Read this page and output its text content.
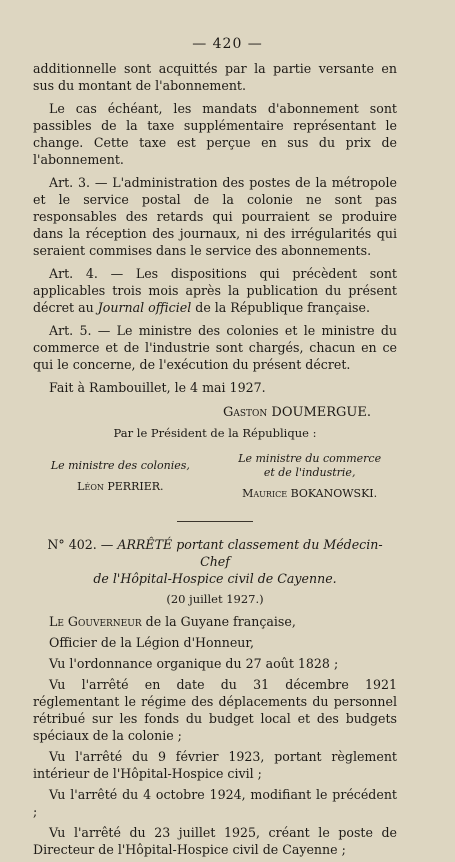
— 420 —

additionnelle sont acquittés par la partie versante en sus du montant de l'abonnement.

Le cas échéant, les mandats d'abonnement sont passibles de la taxe supplémentaire représentant le change. Cette taxe est perçue en sus du prix de l'abonnement.

Art. 3. — L'administration des postes de la métropole et le service postal de la colonie ne sont pas responsables des retards qui pourraient se produire dans la réception des journaux, ni des irrégularités qui seraient commises dans le service des abonnements.

Art. 4. — Les dispositions qui précèdent sont applicables trois mois après la publication du présent décret au Journal officiel de la République française.

Art. 5. — Le ministre des colonies et le ministre du commerce et de l'industrie sont chargés, chacun en ce qui le concerne, de l'exécution du présent décret.

Fait à Rambouillet, le 4 mai 1927.

Gaston DOUMERGUE.
Par le Président de la République :
Le ministre des colonies,
Léon PERRIER.
Le ministre du commerce
et de l'industrie,
Maurice BOKANOWSKI.
N° 402. — ARRÊTÉ portant classement du Médecin-Chef
de l'Hôpital-Hospice civil de Cayenne.
(20 juillet 1927.)

Le Gouverneur de la Guyane française,

Officier de la Légion d'Honneur,

Vu l'ordonnance organique du 27 août 1828 ;

Vu l'arrêté en date du 31 décembre 1921 réglementant le régime des déplacements du personnel rétribué sur les fonds du budget local et des budgets spéciaux de la colonie ;

Vu l'arrêté du 9 février 1923, portant règlement intérieur de l'Hôpital-Hospice civil ;

Vu l'arrêté du 4 octobre 1924, modifiant le précédent ;

Vu l'arrêté du 23 juillet 1925, créant le poste de Directeur de l'Hôpital-Hospice civil de Cayenne ;
